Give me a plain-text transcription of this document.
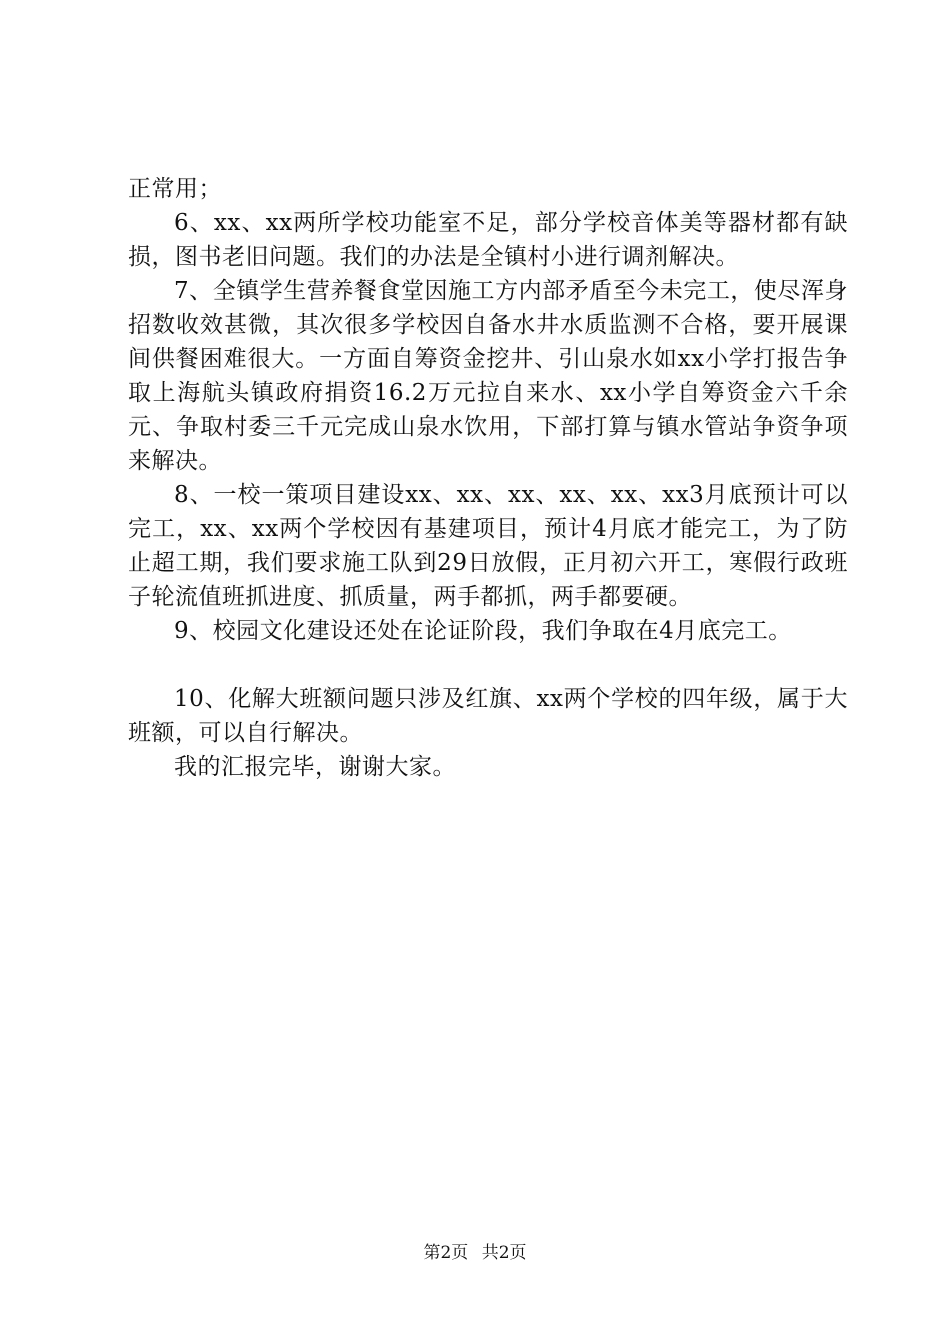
正常用；

6、xx、xx两所学校功能室不足，部分学校音体美等器材都有缺损，图书老旧问题。我们的办法是全镇村小进行调剂解决。

7、全镇学生营养餐食堂因施工方内部矛盾至今未完工，使尽浑身招数收效甚微，其次很多学校因自备水井水质监测不合格，要开展课间供餐困难很大。一方面自筹资金挖井、引山泉水如xx小学打报告争取上海航头镇政府捐资16.2万元拉自来水、xx小学自筹资金六千余元、争取村委三千元完成山泉水饮用，下部打算与镇水管站争资争项来解决。

8、一校一策项目建设xx、xx、xx、xx、xx、xx3月底预计可以完工，xx、xx两个学校因有基建项目，预计4月底才能完工，为了防止超工期，我们要求施工队到29日放假，正月初六开工，寒假行政班子轮流值班抓进度、抓质量，两手都抓，两手都要硬。

9、校园文化建设还处在论证阶段，我们争取在4月底完工。

10、化解大班额问题只涉及红旗、xx两个学校的四年级，属于大班额，可以自行解决。

我的汇报完毕，谢谢大家。

第2页 共2页
